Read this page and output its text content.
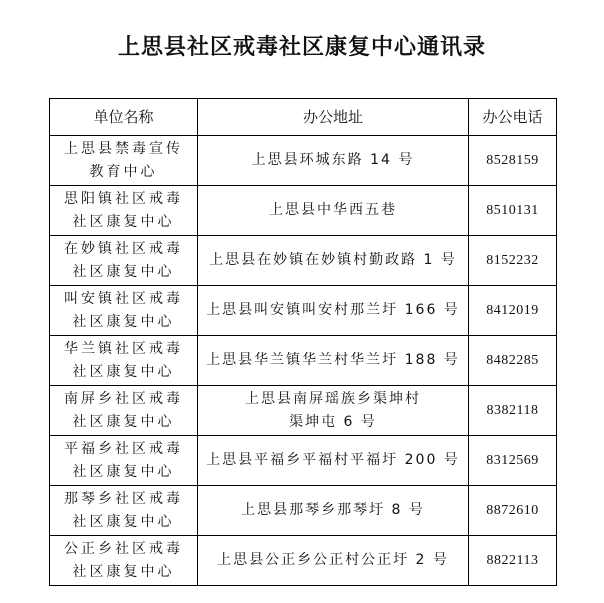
上思县社区戒毒社区康复中心通讯录
单位名称	办公地址	办公电话

上思县禁毒宣传
教育中心	上思县环城东路 14 号	8528159

思阳镇社区戒毒
社区康复中心	上思县中华西五巷	8510131

在妙镇社区戒毒
社区康复中心	上思县在妙镇在妙镇村勤政路 1 号	8152232

叫安镇社区戒毒
社区康复中心	上思县叫安镇叫安村那兰圩 166 号	8412019

华兰镇社区戒毒
社区康复中心	上思县华兰镇华兰村华兰圩 188 号	8482285

南屏乡社区戒毒
社区康复中心	上思县南屏瑶族乡渠坤村
渠坤屯 6 号	8382118

平福乡社区戒毒
社区康复中心	上思县平福乡平福村平福圩 200 号	8312569

那琴乡社区戒毒
社区康复中心	上思县那琴乡那琴圩 8 号	8872610

公正乡社区戒毒
社区康复中心	上思县公正乡公正村公正圩 2 号	8822113
